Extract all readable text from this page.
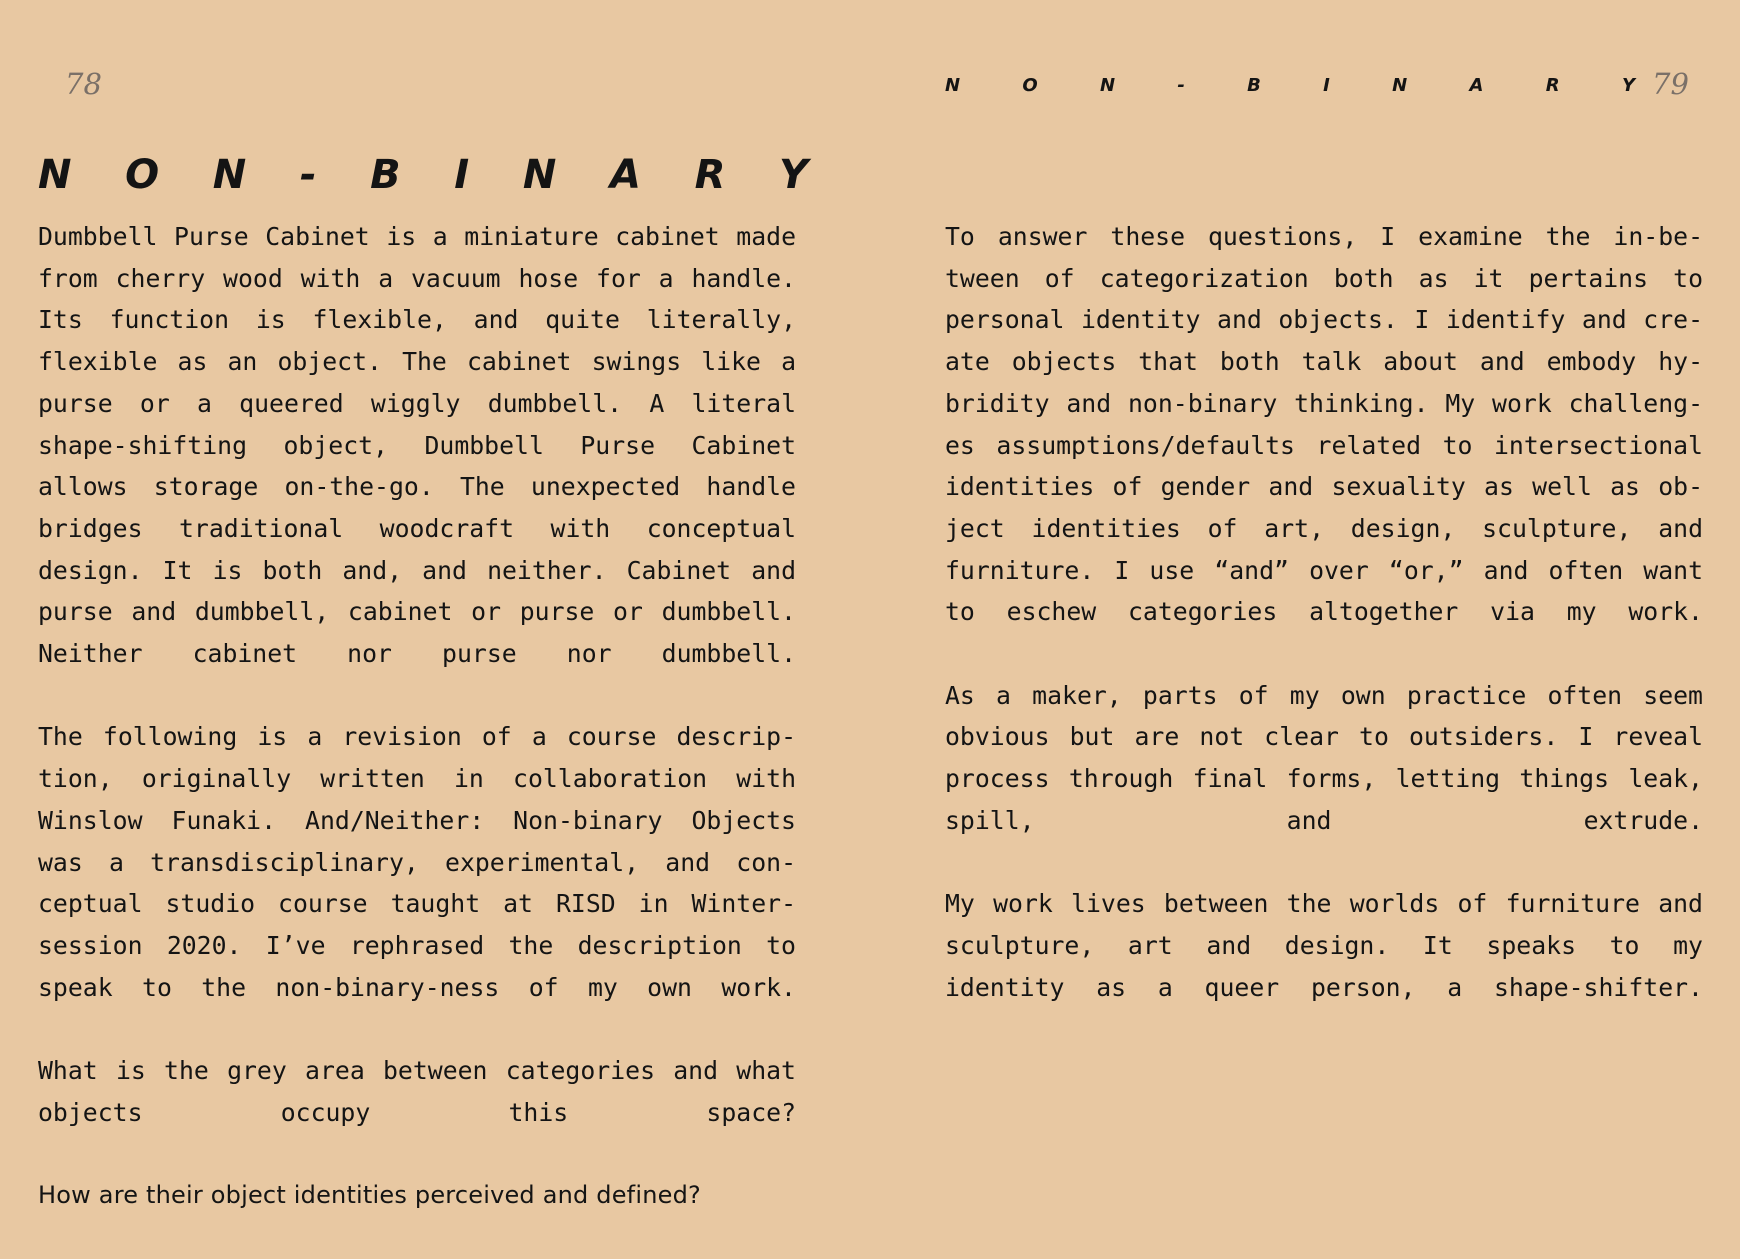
78	79
N	O	N	-	B	I	N	A	R	Y
N O N - B I N A R Y

Dumbbell Purse Cabinet is a miniature cabinet made from cherry wood with a vacuum hose for a handle. Its function is flexible, and quite literally, flexible as an object. The cabinet swings like a purse or a queered wiggly dumbbell. A literal shape-shifting object, Dumbbell Purse Cabinet allows storage on-the-go. The unexpected handle bridges traditional woodcraft with conceptual design. It is both and, and neither. Cabinet and purse and dumbbell, cabinet or purse or dumbbell. Neither cabinet nor purse nor dumbbell.

The following is a revision of a course description, originally written in collaboration with Winslow Funaki. And/Neither: Non-binary Objects was a transdisciplinary, experimental, and conceptual studio course taught at RISD in Wintersession 2020. I’ve rephrased the description to speak to the non-binary-ness of my own work.

What is the grey area between categories and what objects occupy this space?

How are their object identities perceived and defined?

To answer these questions, I examine the in-between of categorization both as it pertains to personal identity and objects. I identify and create objects that both talk about and embody hybridity and non-binary thinking. My work challenges assumptions/defaults related to intersectional identities of gender and sexuality as well as object identities of art, design, sculpture, and furniture. I use “and” over “or,” and often want to eschew categories altogether via my work.

As a maker, parts of my own practice often seem obvious but are not clear to outsiders. I reveal process through final forms, letting things leak, spill, and extrude.

My work lives between the worlds of furniture and sculpture, art and design. It speaks to my identity as a queer person, a shape-shifter.
